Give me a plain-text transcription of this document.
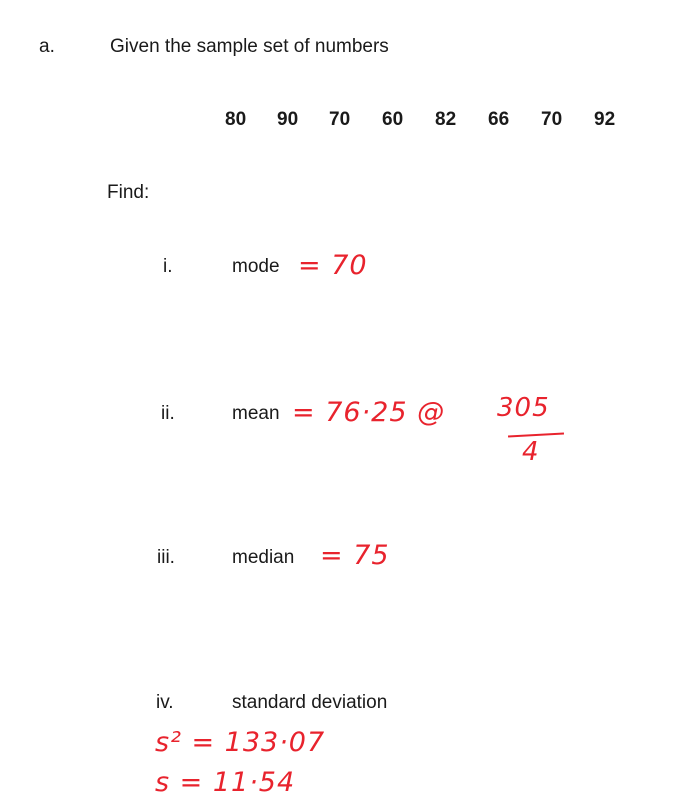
a.	Given the sample set of numbers
80	90	70	60	82	66	70	92
Find:
i.	mode = 70
ii.	mean = 76·25 @ 305
4
iii.	median = 75
iv.	standard deviation
s² = 133·07
s = 11·54
